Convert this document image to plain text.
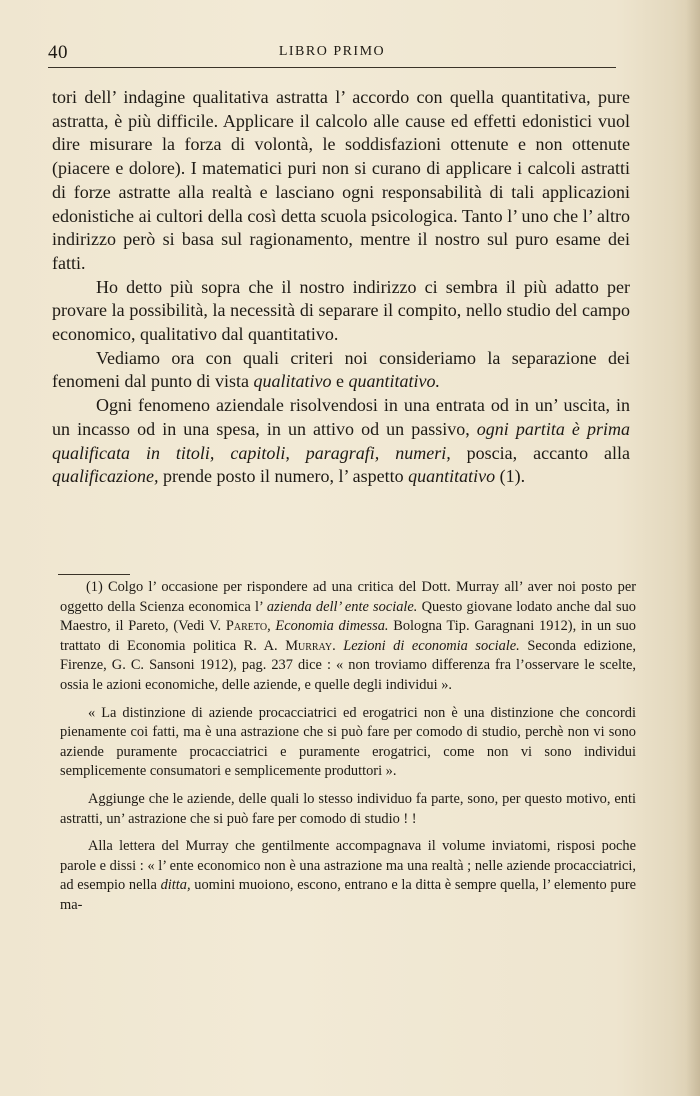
40	LIBRO PRIMO

tori dell’ indagine qualitativa astratta l’ accordo con quella quantitativa, pure astratta, è più difficile. Applicare il calcolo alle cause ed effetti edonistici vuol dire misurare la forza di volontà, le soddisfazioni ottenute e non ottenute (piacere e dolore). I matematici puri non si curano di applicare i calcoli astratti di forze astratte alla realtà e lasciano ogni responsabilità di tali applicazioni edonistiche ai cultori della così detta scuola psicologica. Tanto l’ uno che l’ altro indirizzo però si basa sul ragionamento, mentre il nostro sul puro esame dei fatti.

Ho detto più sopra che il nostro indirizzo ci sembra il più adatto per provare la possibilità, la necessità di separare il compito, nello studio del campo economico, qualitativo dal quantitativo.

Vediamo ora con quali criteri noi consideriamo la separazione dei fenomeni dal punto di vista qualitativo e quantitativo.

Ogni fenomeno aziendale risolvendosi in una entrata od in un’ uscita, in un incasso od in una spesa, in un attivo od un passivo, ogni partita è prima qualificata in titoli, capitoli, paragrafi, numeri, poscia, accanto alla qualificazione, prende posto il numero, l’ aspetto quantitativo (1).

(1) Colgo l’ occasione per rispondere ad una critica del Dott. Murray all’ aver noi posto per oggetto della Scienza economica l’ azienda dell’ ente sociale. Questo giovane lodato anche dal suo Maestro, il Pareto, (Vedi V. Pareto, Economia dimessa. Bologna Tip. Garagnani 1912), in un suo trattato di Economia politica R. A. Murray. Lezioni di economia sociale. Seconda edizione, Firenze, G. C. Sansoni 1912), pag. 237 dice : « non troviamo differenza fra l’osservare le scelte, ossia le azioni economiche, delle aziende, e quelle degli individui ».

« La distinzione di aziende procacciatrici ed erogatrici non è una distinzione che concordi pienamente coi fatti, ma è una astrazione che si può fare per comodo di studio, perchè non vi sono aziende puramente procacciatrici e puramente erogatrici, come non vi sono individui semplicemente consumatori e semplicemente produttori ».

Aggiunge che le aziende, delle quali lo stesso individuo fa parte, sono, per questo motivo, enti astratti, un’ astrazione che si può fare per comodo di studio ! !

Alla lettera del Murray che gentilmente accompagnava il volume inviatomi, risposi poche parole e dissi : « l’ ente economico non è una astrazione ma una realtà ; nelle aziende procacciatrici, ad esempio nella ditta, uomini muoiono, escono, entrano e la ditta è sempre quella, l’ elemento pure ma-
